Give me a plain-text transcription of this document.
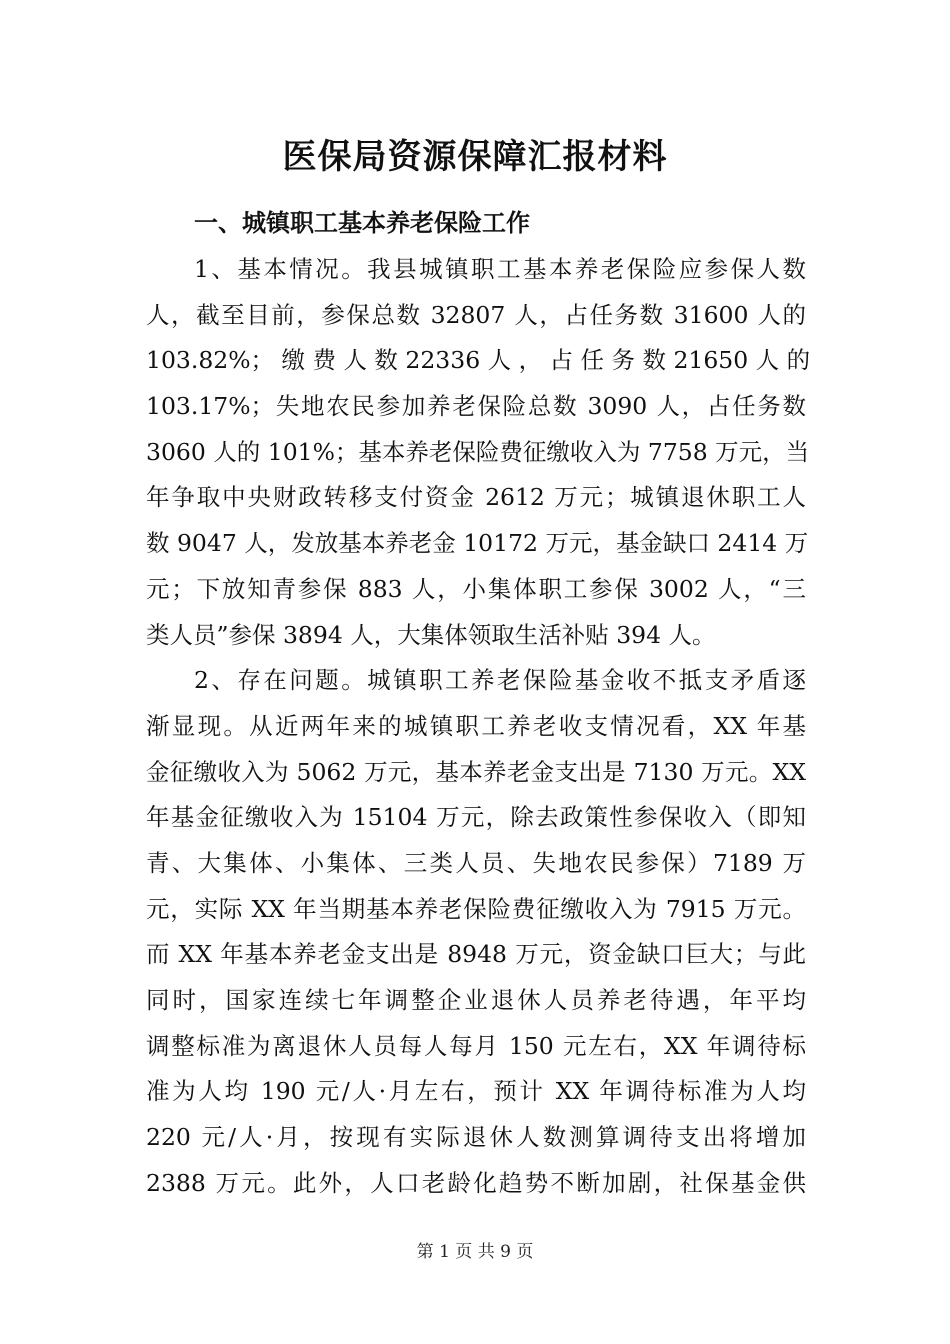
医保局资源保障汇报材料
一、城镇职工基本养老保险工作
1、基本情况。我县城镇职工基本养老保险应参保人数
人，截至目前，参保总数 32807 人，占任务数 31600 人的
103.82%； 缴 费 人 数 22336 人 ， 占 任 务 数 21650 人 的
103.17%；失地农民参加养老保险总数 3090 人，占任务数
3060 人的 101%；基本养老保险费征缴收入为 7758 万元，当
年争取中央财政转移支付资金 2612 万元；城镇退休职工人
数 9047 人，发放基本养老金 10172 万元，基金缺口 2414 万
元；下放知青参保 883 人，小集体职工参保 3002 人，“三
类人员”参保 3894 人，大集体领取生活补贴 394 人。
2、存在问题。城镇职工养老保险基金收不抵支矛盾逐
渐显现。从近两年来的城镇职工养老收支情况看，XX 年基
金征缴收入为 5062 万元，基本养老金支出是 7130 万元。XX
年基金征缴收入为 15104 万元，除去政策性参保收入（即知
青、大集体、小集体、三类人员、失地农民参保）7189 万
元，实际 XX 年当期基本养老保险费征缴收入为 7915 万元。
而 XX 年基本养老金支出是 8948 万元，资金缺口巨大；与此
同时，国家连续七年调整企业退休人员养老待遇，年平均
调整标准为离退休人员每人每月 150 元左右，XX 年调待标
准为人均 190 元/人·月左右，预计 XX 年调待标准为人均
220 元/人·月，按现有实际退休人数测算调待支出将增加
2388 万元。此外，人口老龄化趋势不断加剧，社保基金供
第 1 页 共 9 页
